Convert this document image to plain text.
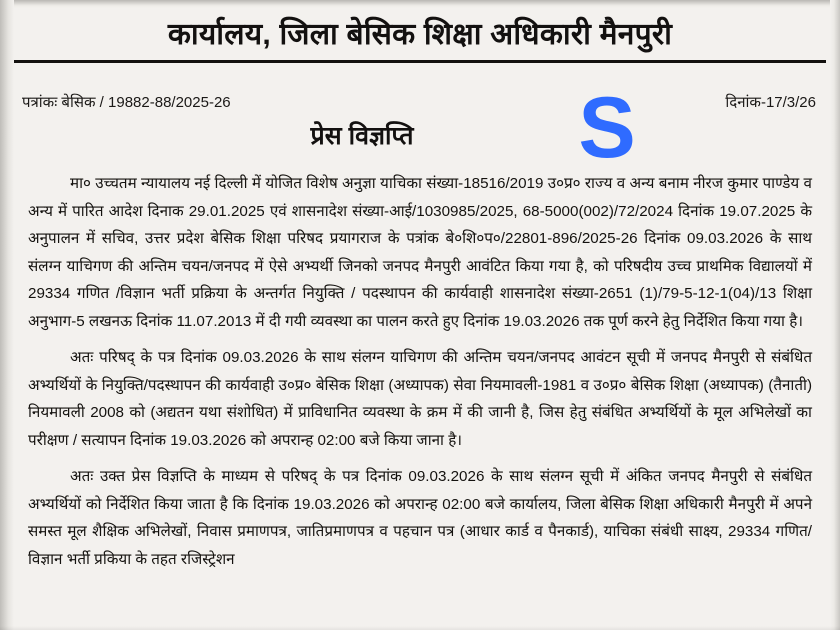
कार्यालय, जिला बेसिक शिक्षा अधिकारी मैनपुरी
पत्रांकः बेसिक / 19882-88/2025-26	दिनांक-17/3/26
प्रेस विज्ञप्ति	S

मा० उच्चतम न्यायालय नई दिल्ली में योजित विशेष अनुज्ञा याचिका संख्या-18516/2019 उ०प्र० राज्य व अन्य बनाम नीरज कुमार पाण्डेय व अन्य में पारित आदेश दिनाक 29.01.2025 एवं शासनादेश संख्या-आई/1030985/2025, 68-5000(002)/72/2024 दिनांक 19.07.2025 के अनुपालन में सचिव, उत्तर प्रदेश बेसिक शिक्षा परिषद प्रयागराज के पत्रांक बे०शि०प०/22801-896/2025-26 दिनांक 09.03.2026 के साथ संलग्न याचिगण की अन्तिम चयन/जनपद में ऐसे अभ्यर्थी जिनको जनपद मैनपुरी आवंटित किया गया है, को परिषदीय उच्च प्राथमिक विद्यालयों में 29334 गणित /विज्ञान भर्ती प्रक्रिया के अन्तर्गत नियुक्ति / पदस्थापन की कार्यवाही शासनादेश संख्या-2651 (1)/79-5-12-1(04)/13 शिक्षा अनुभाग-5 लखनऊ दिनांक 11.07.2013 में दी गयी व्यवस्था का पालन करते हुए दिनांक 19.03.2026 तक पूर्ण करने हेतु निर्देशित किया गया है।

अतः परिषद् के पत्र दिनांक 09.03.2026 के साथ संलग्न याचिगण की अन्तिम चयन/जनपद आवंटन सूची में जनपद मैनपुरी से संबंधित अभ्यर्थियों के नियुक्ति/पदस्थापन की कार्यवाही उ०प्र० बेसिक शिक्षा (अध्यापक) सेवा नियमावली-1981 व उ०प्र० बेसिक शिक्षा (अध्यापक) (तैनाती) नियमावली 2008 को (अद्यतन यथा संशोधित) में प्राविधानित व्यवस्था के क्रम में की जानी है, जिस हेतु संबंधित अभ्यर्थियों के मूल अभिलेखों का परीक्षण / सत्यापन दिनांक 19.03.2026 को अपरान्ह 02:00 बजे किया जाना है।

अतः उक्त प्रेस विज्ञप्ति के माध्यम से परिषद् के पत्र दिनांक 09.03.2026 के साथ संलग्न सूची में अंकित जनपद मैनपुरी से संबंधित अभ्यर्थियों को निर्देशित किया जाता है कि दिनांक 19.03.2026 को अपरान्ह 02:00 बजे कार्यालय, जिला बेसिक शिक्षा अधिकारी मैनपुरी में अपने समस्त मूल शैक्षिक अभिलेखों, निवास प्रमाणपत्र, जातिप्रमाणपत्र व पहचान पत्र (आधार कार्ड व पैनकार्ड), याचिका संबंधी साक्ष्य, 29334 गणित/विज्ञान भर्ती प्रकिया के तहत रजिस्ट्रेशन
